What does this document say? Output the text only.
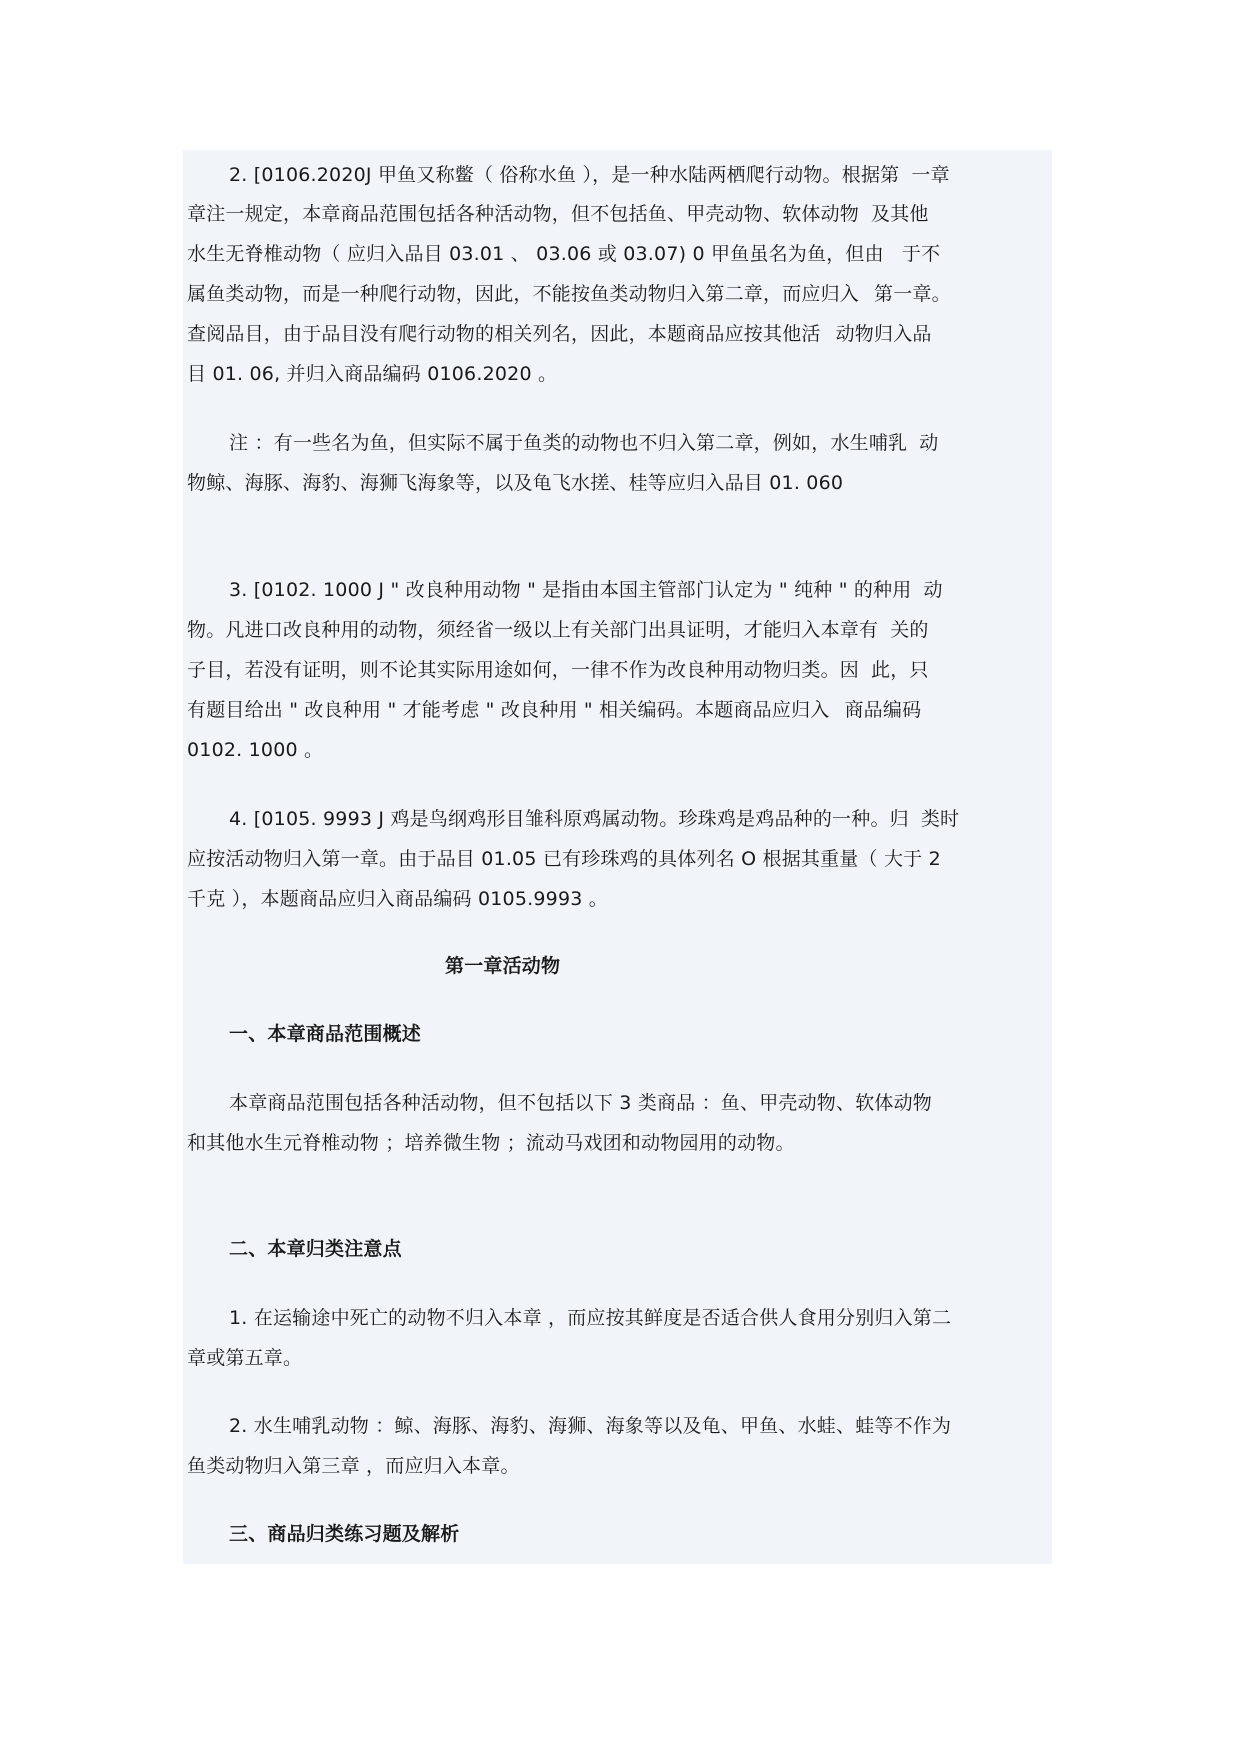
2. [0106.2020J 甲鱼又称鳖（ 俗称水鱼 ），是一种水陆两栖爬行动物。根据第 一章
章注一规定，本章商品范围包括各种活动物，但不包括鱼、甲壳动物、软体动物 及其他
水生无脊椎动物（ 应归入品目 03.01 、 03.06 或 03.07) 0 甲鱼虽名为鱼，但由 于不
属鱼类动物，而是一种爬行动物，因此，不能按鱼类动物归入第二章，而应归入 第一章。
查阅品目，由于品目没有爬行动物的相关列名，因此，本题商品应按其他活 动物归入品
目 01. 06, 并归入商品编码 0106.2020 。
注 ：有一些名为鱼，但实际不属于鱼类的动物也不归入第二章，例如，水生哺乳 动
物鲸、海豚、海豹、海狮飞海象等，以及龟飞水搓、桂等应归入品目 01. 060
3. [0102. 1000 J " 改良种用动物 " 是指由本国主管部门认定为 " 纯种 " 的种用 动
物。凡进口改良种用的动物，须经省一级以上有关部门出具证明，才能归入本章有 关的
子目，若没有证明，则不论其实际用途如何，一律不作为改良种用动物归类。因 此，只
有题目给出 " 改良种用 " 才能考虑 " 改良种用 " 相关编码。本题商品应归入 商品编码
0102. 1000 。
4. [0105. 9993 J 鸡是鸟纲鸡形目雏科原鸡属动物。珍珠鸡是鸡品种的一种。归 类时
应按活动物归入第一章。由于品目 01.05 已有珍珠鸡的具体列名 O 根据其重量（ 大于 2
千克 ），本题商品应归入商品编码 0105.9993 。
第一章活动物
一、本章商品范围概述
本章商品范围包括各种活动物，但不包括以下 3 类商品 ：鱼、甲壳动物、软体动物
和其他水生元脊椎动物 ；培养微生物 ；流动马戏团和动物园用的动物。
二、本章归类注意点
1. 在运输途中死亡的动物不归入本章 ，而应按其鲜度是否适合供人食用分别归入第二
章或第五章。
2. 水生哺乳动物 ：鲸、海豚、海豹、海狮、海象等以及龟、甲鱼、水蛙、蛙等不作为
鱼类动物归入第三章 ，而应归入本章。
三、商品归类练习题及解析
